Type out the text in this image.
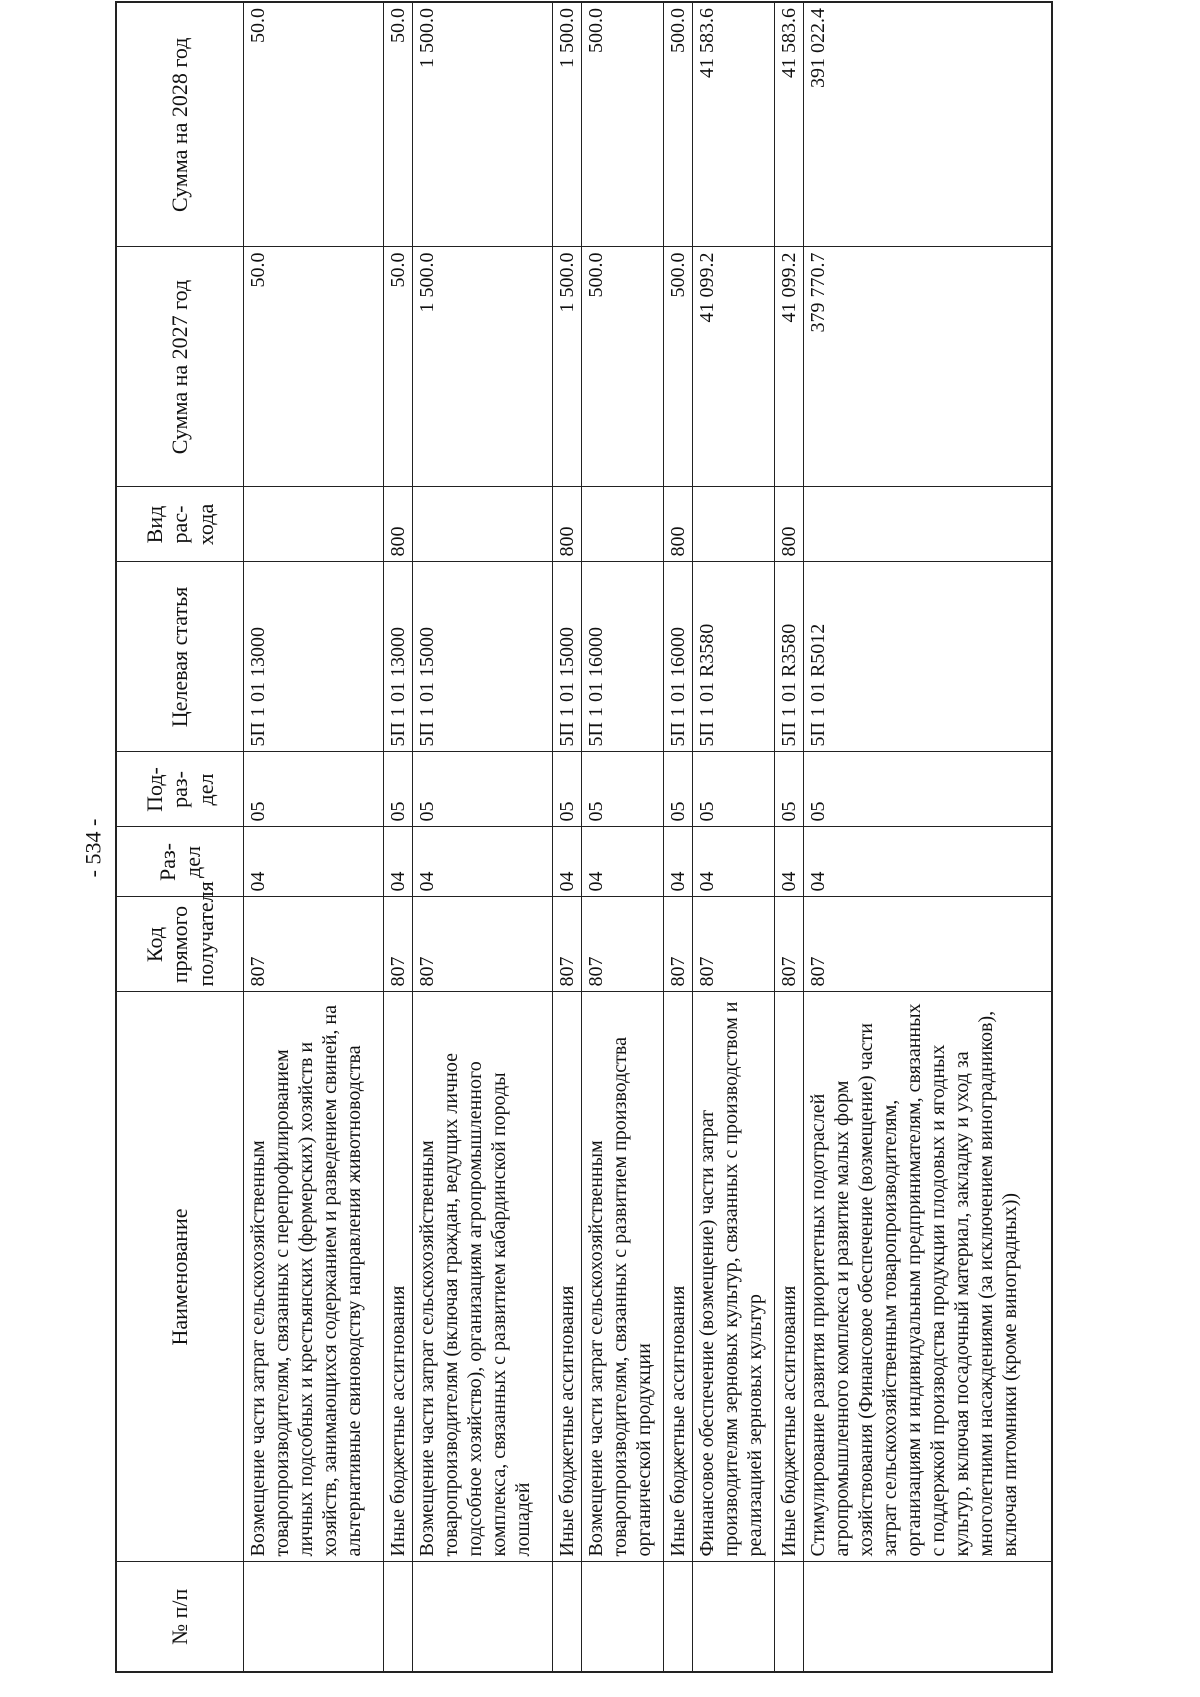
- 534 -
№ п/п	Наименование	Код прямого получателя	Раз-дел	Под-раз-дел	Целевая статья	Вид рас-хода	Сумма на 2027 год	Сумма на 2028 год
	Возмещение части затрат сельскохозяйственным товаропроизводителям, связанных с перепрофилированием личных подсобных и крестьянских (фермерских) хозяйств и хозяйств, занимающихся содержанием и разведением свиней, на альтернативные свиноводству направления животноводства	807	04	05	5П 1 01 13000		50.0	50.0
	Иные бюджетные ассигнования	807	04	05	5П 1 01 13000	800	50.0	50.0
	Возмещение части затрат сельскохозяйственным товаропроизводителям (включая граждан, ведущих личное подсобное хозяйство), организациям агропромышленного комплекса, связанных с развитием кабардинской породы лошадей	807	04	05	5П 1 01 15000		1 500.0	1 500.0
	Иные бюджетные ассигнования	807	04	05	5П 1 01 15000	800	1 500.0	1 500.0
	Возмещение части затрат сельскохозяйственным товаропроизводителям, связанных с развитием производства органической продукции	807	04	05	5П 1 01 16000		500.0	500.0
	Иные бюджетные ассигнования	807	04	05	5П 1 01 16000	800	500.0	500.0
	Финансовое обеспечение (возмещение) части затрат производителям зерновых культур, связанных с производством и реализацией зерновых культур	807	04	05	5П 1 01 R3580		41 099.2	41 583.6
	Иные бюджетные ассигнования	807	04	05	5П 1 01 R3580	800	41 099.2	41 583.6
	Стимулирование развития приоритетных подотраслей агропромышленного комплекса и развитие малых форм хозяйствования (Финансовое обеспечение (возмещение) части затрат сельскохозяйственным товаропроизводителям, организациям и индивидуальным предпринимателям, связанных с поддержкой производства продукции плодовых и ягодных культур, включая посадочный материал, закладку и уход за многолетними насаждениями (за исключением виноградников), включая питомники (кроме виноградных))	807	04	05	5П 1 01 R5012		379 770.7	391 022.4
